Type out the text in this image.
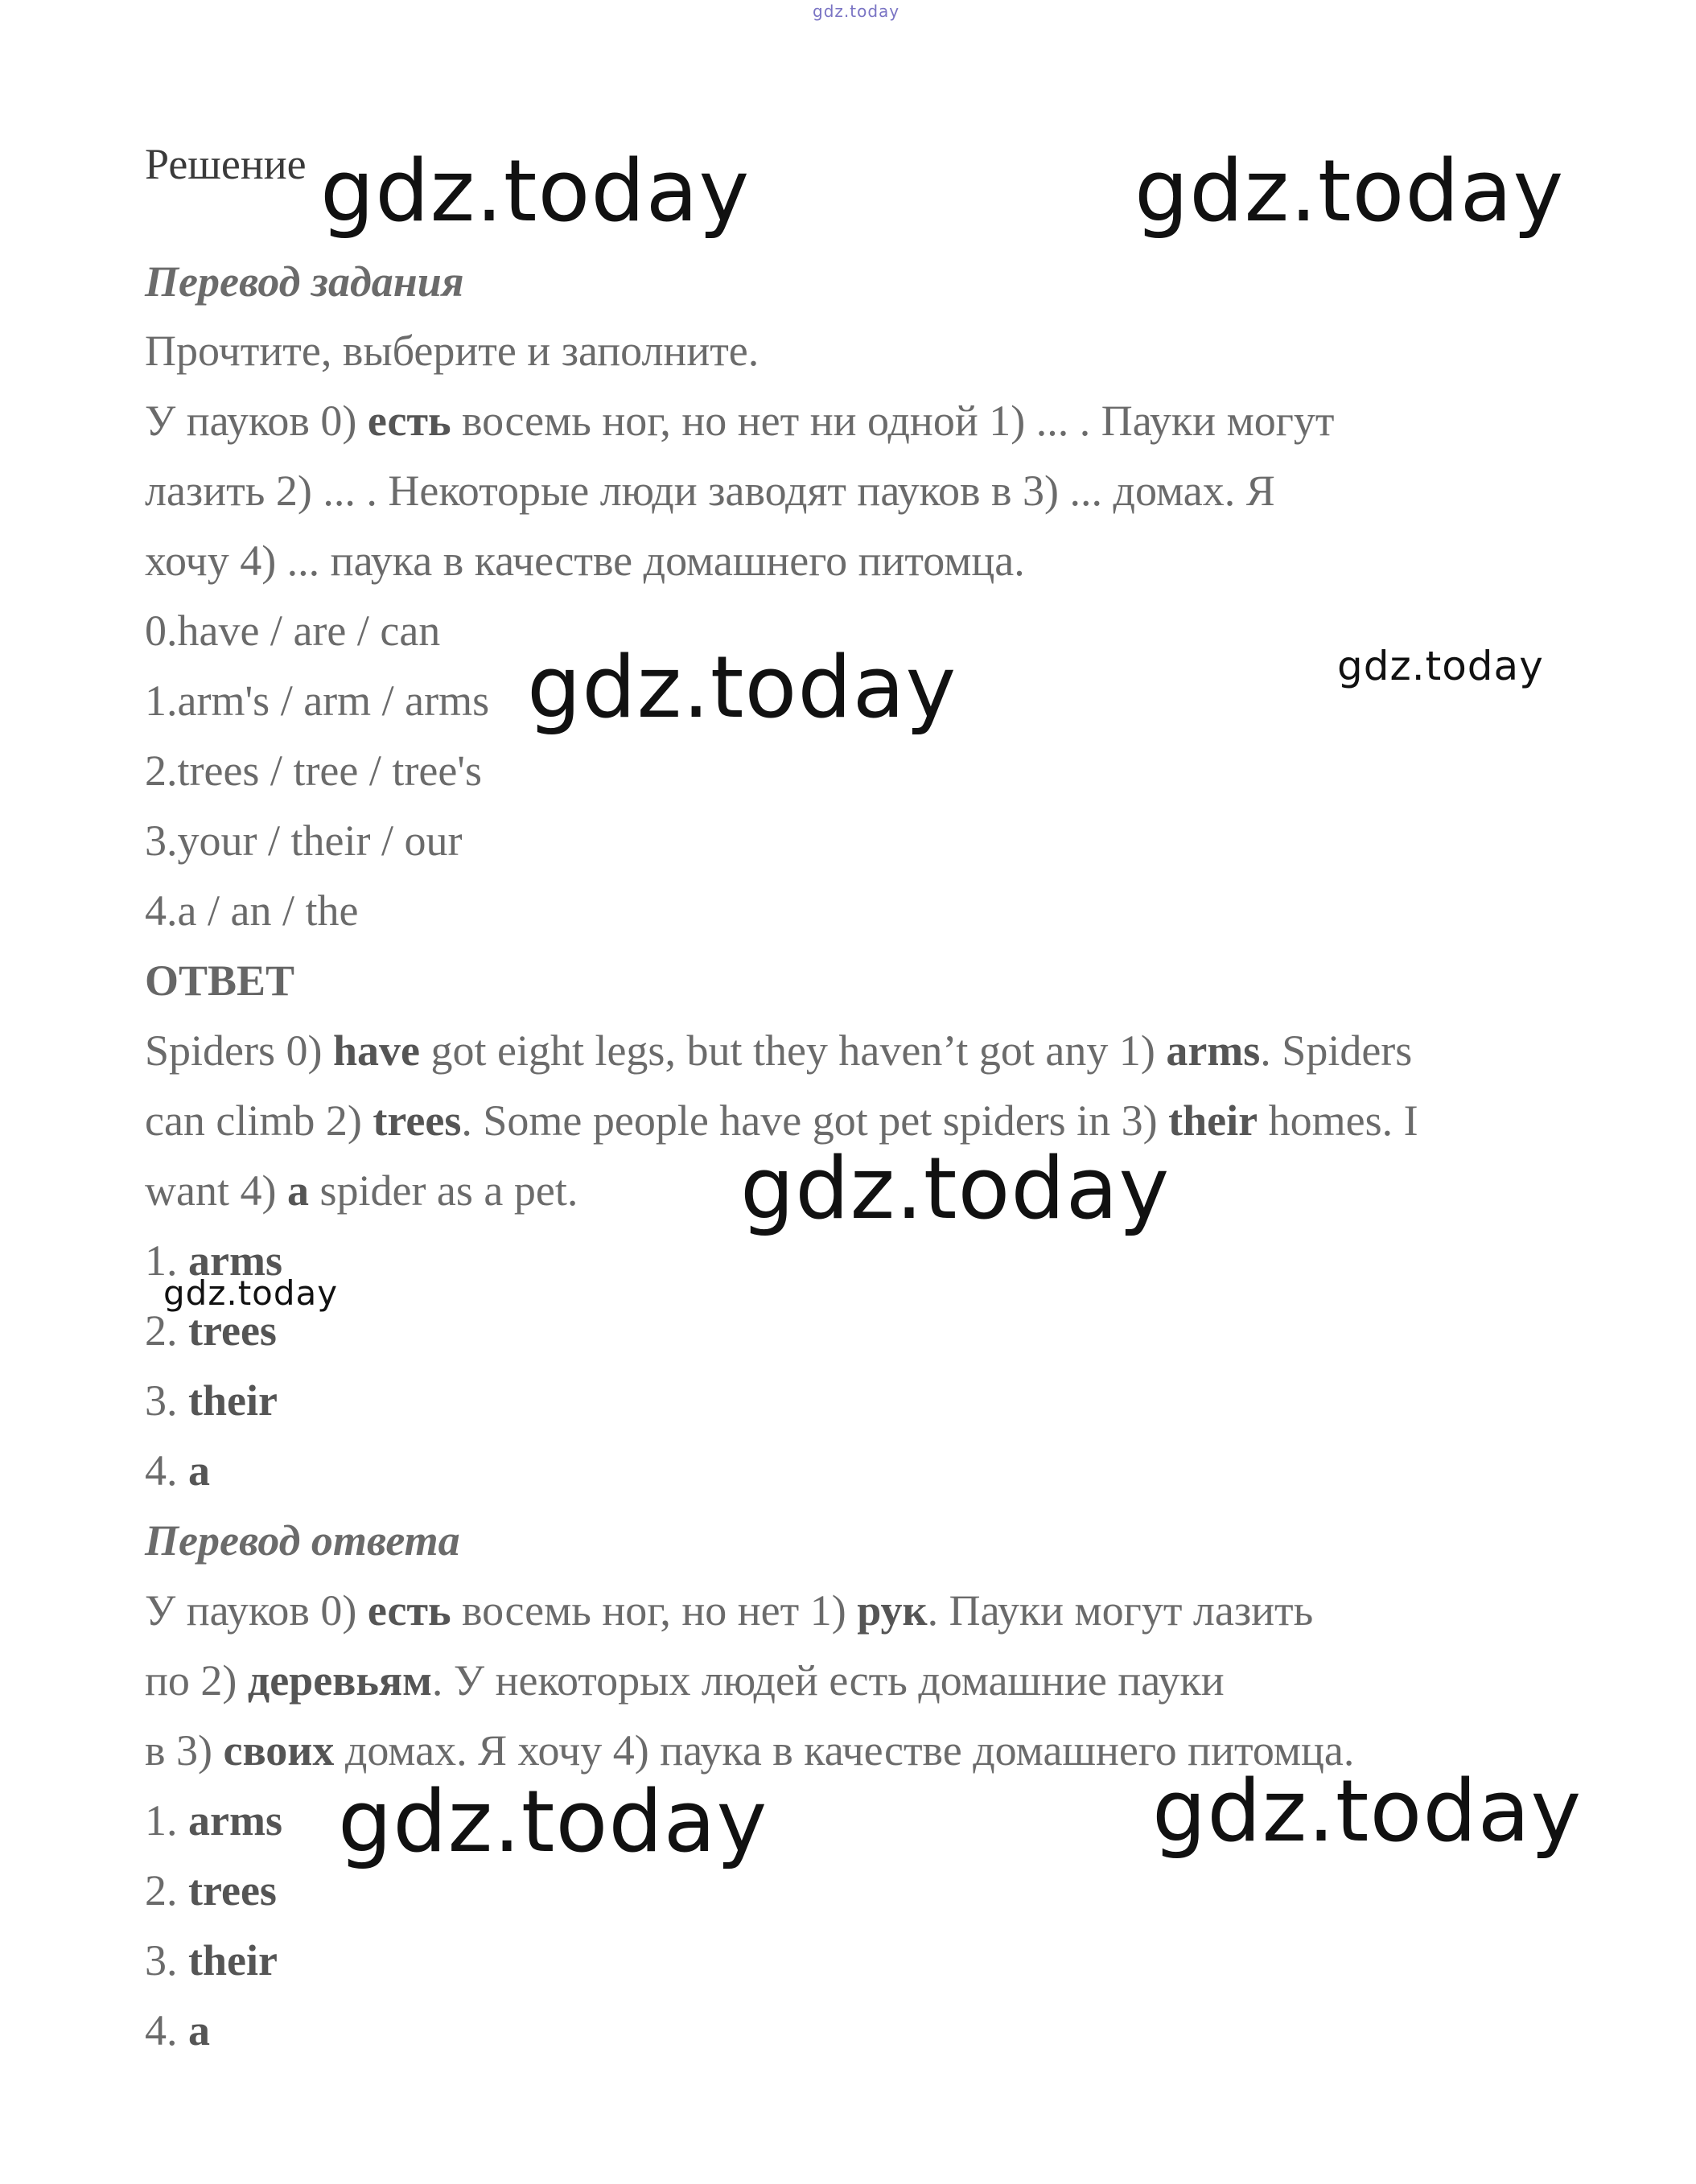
gdz.today
Решение
Перевод задания
Прочтите, выберите и заполните.
У пауков 0) есть восемь ног, но нет ни одной 1) ... . Пауки могут
лазить 2) ... . Некоторые люди заводят пауков в 3) ... домах. Я
хочу 4) ... паука в качестве домашнего питомца.
0.have / are / can
1.arm's / arm / arms
2.trees / tree / tree's
3.your / their / our
4.a / an / the
ОТВЕТ
Spiders 0) have got eight legs, but they haven’t got any 1) arms. Spiders
can climb 2) trees. Some people have got pet spiders in 3) their homes. I
want 4) a spider as a pet.
1. arms
2. trees
3. their
4. a
Перевод ответа
У пауков 0) есть восемь ног, но нет 1) рук. Пауки могут лазить
по 2) деревьям. У некоторых людей есть домашние пауки
в 3) своих домах. Я хочу 4) паука в качестве домашнего питомца.
1. arms
2. trees
3. their
4. a
gdz.today	gdz.today
gdz.today	gdz.today
gdz.today
gdz.today
gdz.today	gdz.today
